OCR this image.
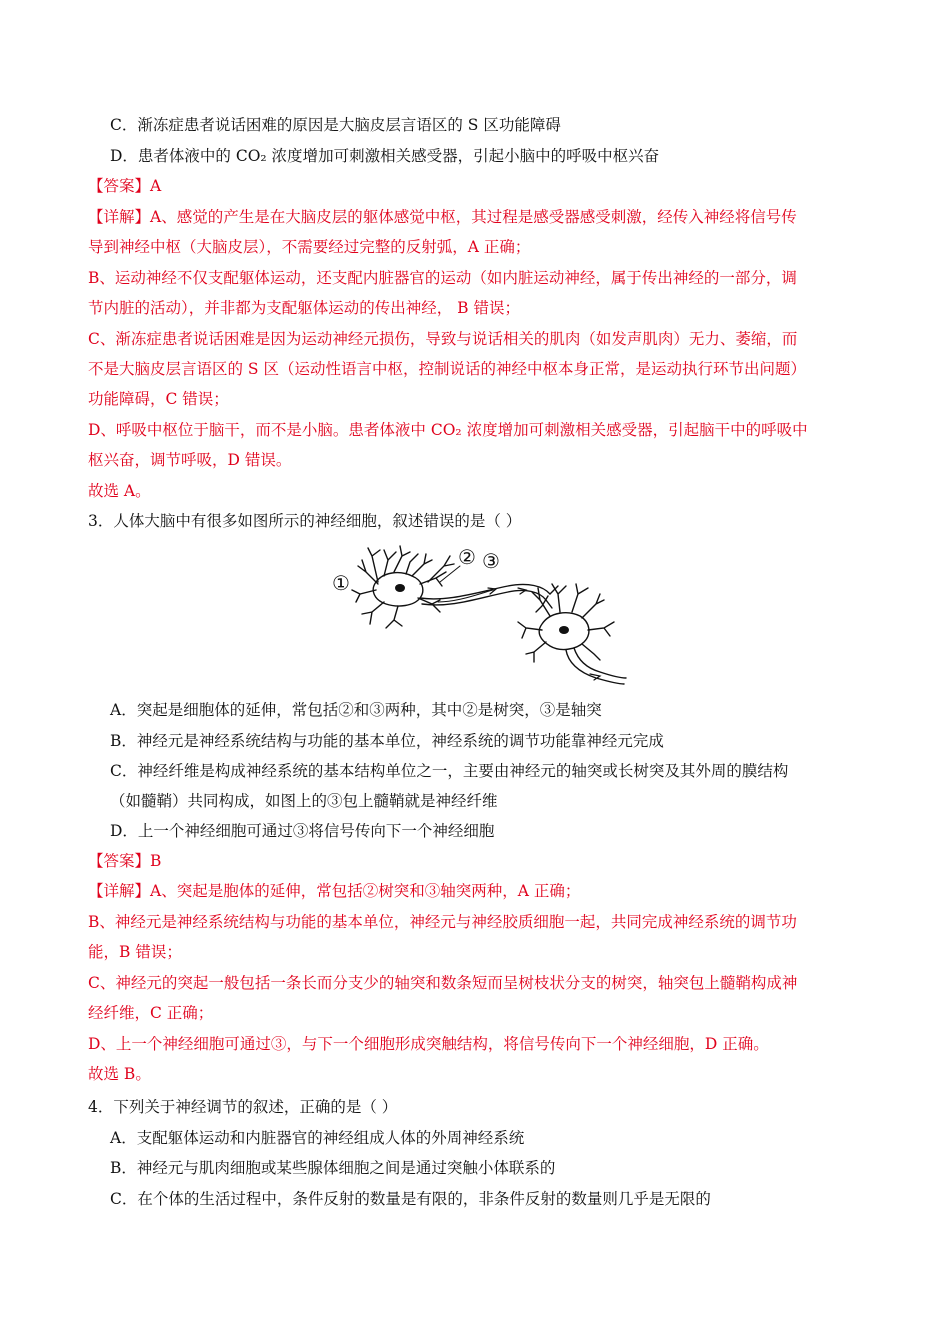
C．渐冻症患者说话困难的原因是大脑皮层言语区的 S 区功能障碍
D．患者体液中的 CO₂ 浓度增加可刺激相关感受器，引起小脑中的呼吸中枢兴奋
【答案】A
【详解】A、感觉的产生是在大脑皮层的躯体感觉中枢，其过程是感受器感受刺激，经传入神经将信号传
导到神经中枢（大脑皮层），不需要经过完整的反射弧，A 正确；
B、运动神经不仅支配躯体运动，还支配内脏器官的运动（如内脏运动神经，属于传出神经的一部分，调
节内脏的活动），并非都为支配躯体运动的传出神经， B 错误；
C、渐冻症患者说话困难是因为运动神经元损伤，导致与说话相关的肌肉（如发声肌肉）无力、萎缩，而
不是大脑皮层言语区的 S 区（运动性语言中枢，控制说话的神经中枢本身正常，是运动执行环节出问题）
功能障碍，C 错误；
D、呼吸中枢位于脑干，而不是小脑。患者体液中 CO₂ 浓度增加可刺激相关感受器，引起脑干中的呼吸中
枢兴奋，调节呼吸，D 错误。
故选 A。
3．人体大脑中有很多如图所示的神经细胞，叙述错误的是（ ）
①
② ③
A．突起是细胞体的延伸，常包括②和③两种，其中②是树突，③是轴突
B．神经元是神经系统结构与功能的基本单位，神经系统的调节功能靠神经元完成
C．神经纤维是构成神经系统的基本结构单位之一，主要由神经元的轴突或长树突及其外周的膜结构
（如髓鞘）共同构成，如图上的③包上髓鞘就是神经纤维
D．上一个神经细胞可通过③将信号传向下一个神经细胞
【答案】B
【详解】A、突起是胞体的延伸，常包括②树突和③轴突两种，A 正确；
B、神经元是神经系统结构与功能的基本单位，神经元与神经胶质细胞一起，共同完成神经系统的调节功
能，B 错误；
C、神经元的突起一般包括一条长而分支少的轴突和数条短而呈树枝状分支的树突，轴突包上髓鞘构成神
经纤维，C 正确；
D、上一个神经细胞可通过③，与下一个细胞形成突触结构，将信号传向下一个神经细胞，D 正确。
故选 B。
4．下列关于神经调节的叙述，正确的是（ ）
A．支配躯体运动和内脏器官的神经组成人体的外周神经系统
B．神经元与肌肉细胞或某些腺体细胞之间是通过突触小体联系的
C．在个体的生活过程中，条件反射的数量是有限的，非条件反射的数量则几乎是无限的
